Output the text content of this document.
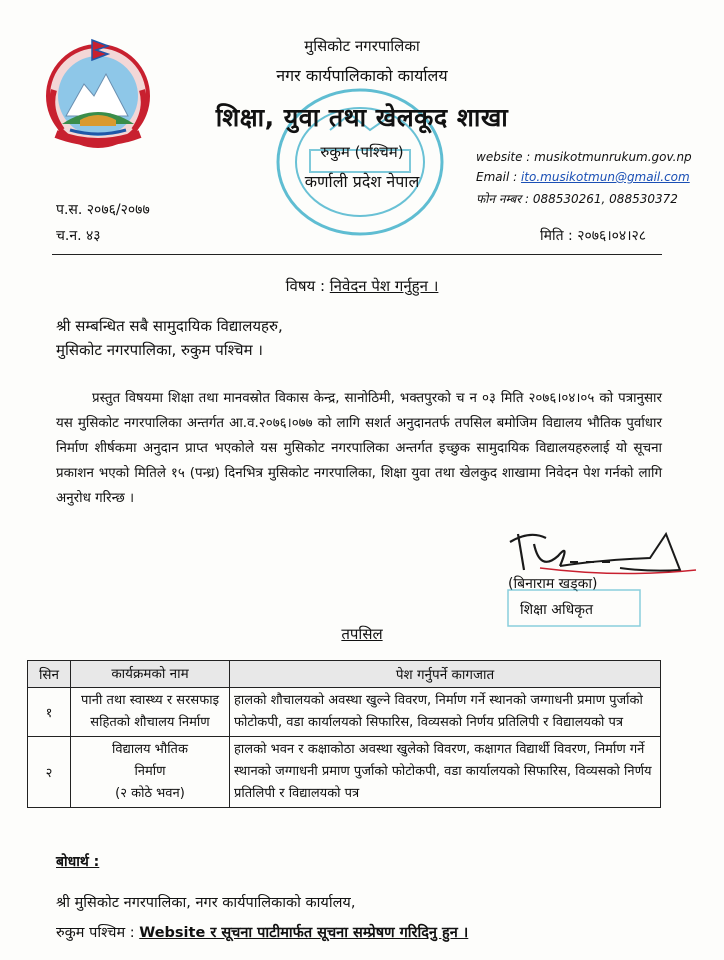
मुसिकोट नगरपालिका
नगर कार्यपालिकाको कार्यालय
शिक्षा, युवा तथा खेलकूद शाखा
रुकुम (पश्चिम)
कर्णाली प्रदेश नेपाल
website : musikotmunrukum.gov.np
Email : ito.musikotmun@gmail.com
फोन नम्बर : 088530261, 088530372
प.स. २०७६/२०७७
च.न. ४३	मिति : २०७६।०४।२८
विषय : निवेदन पेश गर्नुहुन ।
श्री सम्बन्धित सबै सामुदायिक विद्यालयहरु,
मुसिकोट नगरपालिका, रुकुम पश्चिम ।
प्रस्तुत विषयमा शिक्षा तथा मानवस्रोत विकास केन्द्र, सानोठिमी, भक्तपुरको च न ०३ मिति २०७६।०४।०५ को पत्रानुसार यस मुसिकोट नगरपालिका अन्तर्गत आ.व.२०७६।०७७ को लागि सशर्त अनुदानतर्फ तपसिल बमोजिम विद्यालय भौतिक पुर्वाधार निर्माण शीर्षकमा अनुदान प्राप्त भएकोले यस मुसिकोट नगरपालिका अन्तर्गत इच्छुक सामुदायिक विद्यालयहरुलाई यो सूचना प्रकाशन भएको मितिले १५ (पन्ध्र) दिनभित्र मुसिकोट नगरपालिका, शिक्षा युवा तथा खेलकुद शाखामा निवेदन पेश गर्नको लागि अनुरोध गरिन्छ ।
(बिनाराम खड्का)
शिक्षा अधिकृत
तपसिल
सिन	कार्यक्रमको नाम	पेश गर्नुपर्ने कागजात
१	पानी तथा स्वास्थ्य र सरसफाइ सहितको शौचालय निर्माण	हालको शौचालयको अवस्था खुल्ने विवरण, निर्माण गर्ने स्थानको जग्गाधनी प्रमाण पुर्जाको फोटोकपी, वडा कार्यालयको सिफारिस, विव्यसको निर्णय प्रतिलिपी र विद्यालयको पत्र
२	विद्यालय भौतिक
निर्माण
(२ कोठे भवन)	हालको भवन र कक्षाकोठा अवस्था खुलेको विवरण, कक्षागत विद्यार्थी विवरण, निर्माण गर्ने स्थानको जग्गाधनी प्रमाण पुर्जाको फोटोकपी, वडा कार्यालयको सिफारिस, विव्यसको निर्णय प्रतिलिपी र विद्यालयको पत्र
बोधार्थ :
श्री मुसिकोट नगरपालिका, नगर कार्यपालिकाको कार्यालय,
रुकुम पश्चिम : Website र सूचना पाटीमार्फत सूचना सम्प्रेषण गरिदिनु हुन ।
